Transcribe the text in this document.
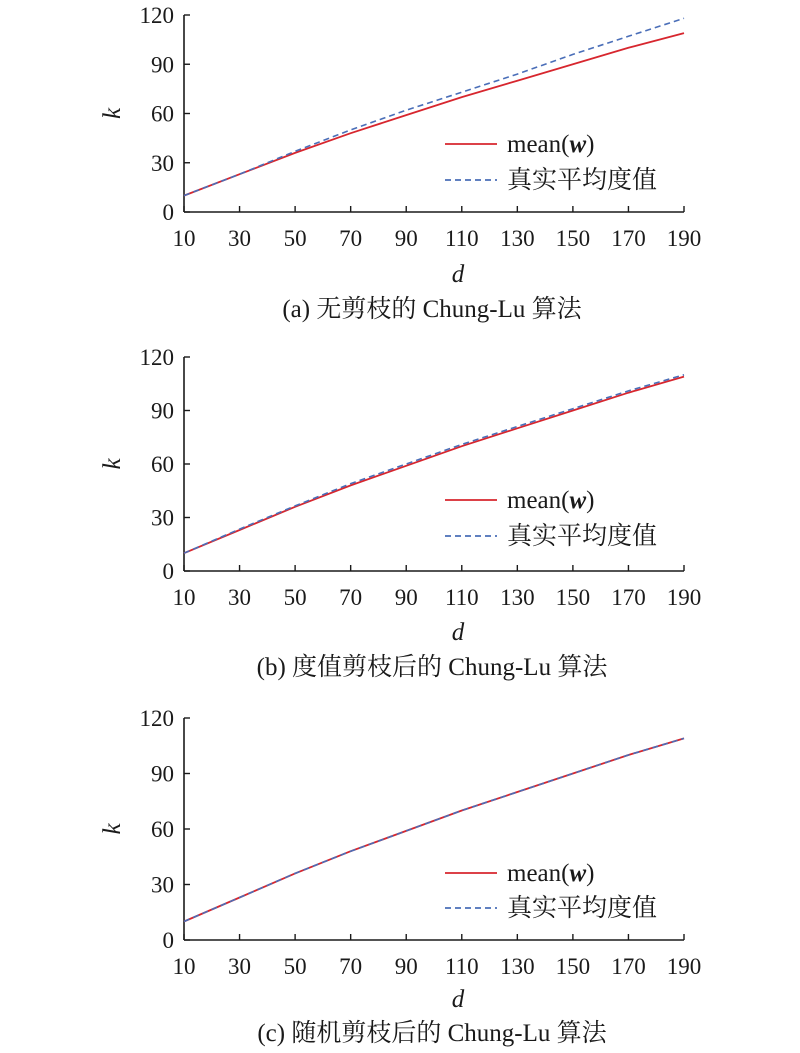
0
30
60
90
120
10 30 50 70 90 110 130 150 170 190
k
d
mean(w)
真实平均度值
(a) 无剪枝的 Chung-Lu 算法
0
30
60
90
120
10 30 50 70 90 110 130 150 170 190
k
d
mean(w)
真实平均度值
(b) 度值剪枝后的 Chung-Lu 算法
0
30
60
90
120
10 30 50 70 90 110 130 150 170 190
k
d
mean(w)
真实平均度值
(c) 随机剪枝后的 Chung-Lu 算法
